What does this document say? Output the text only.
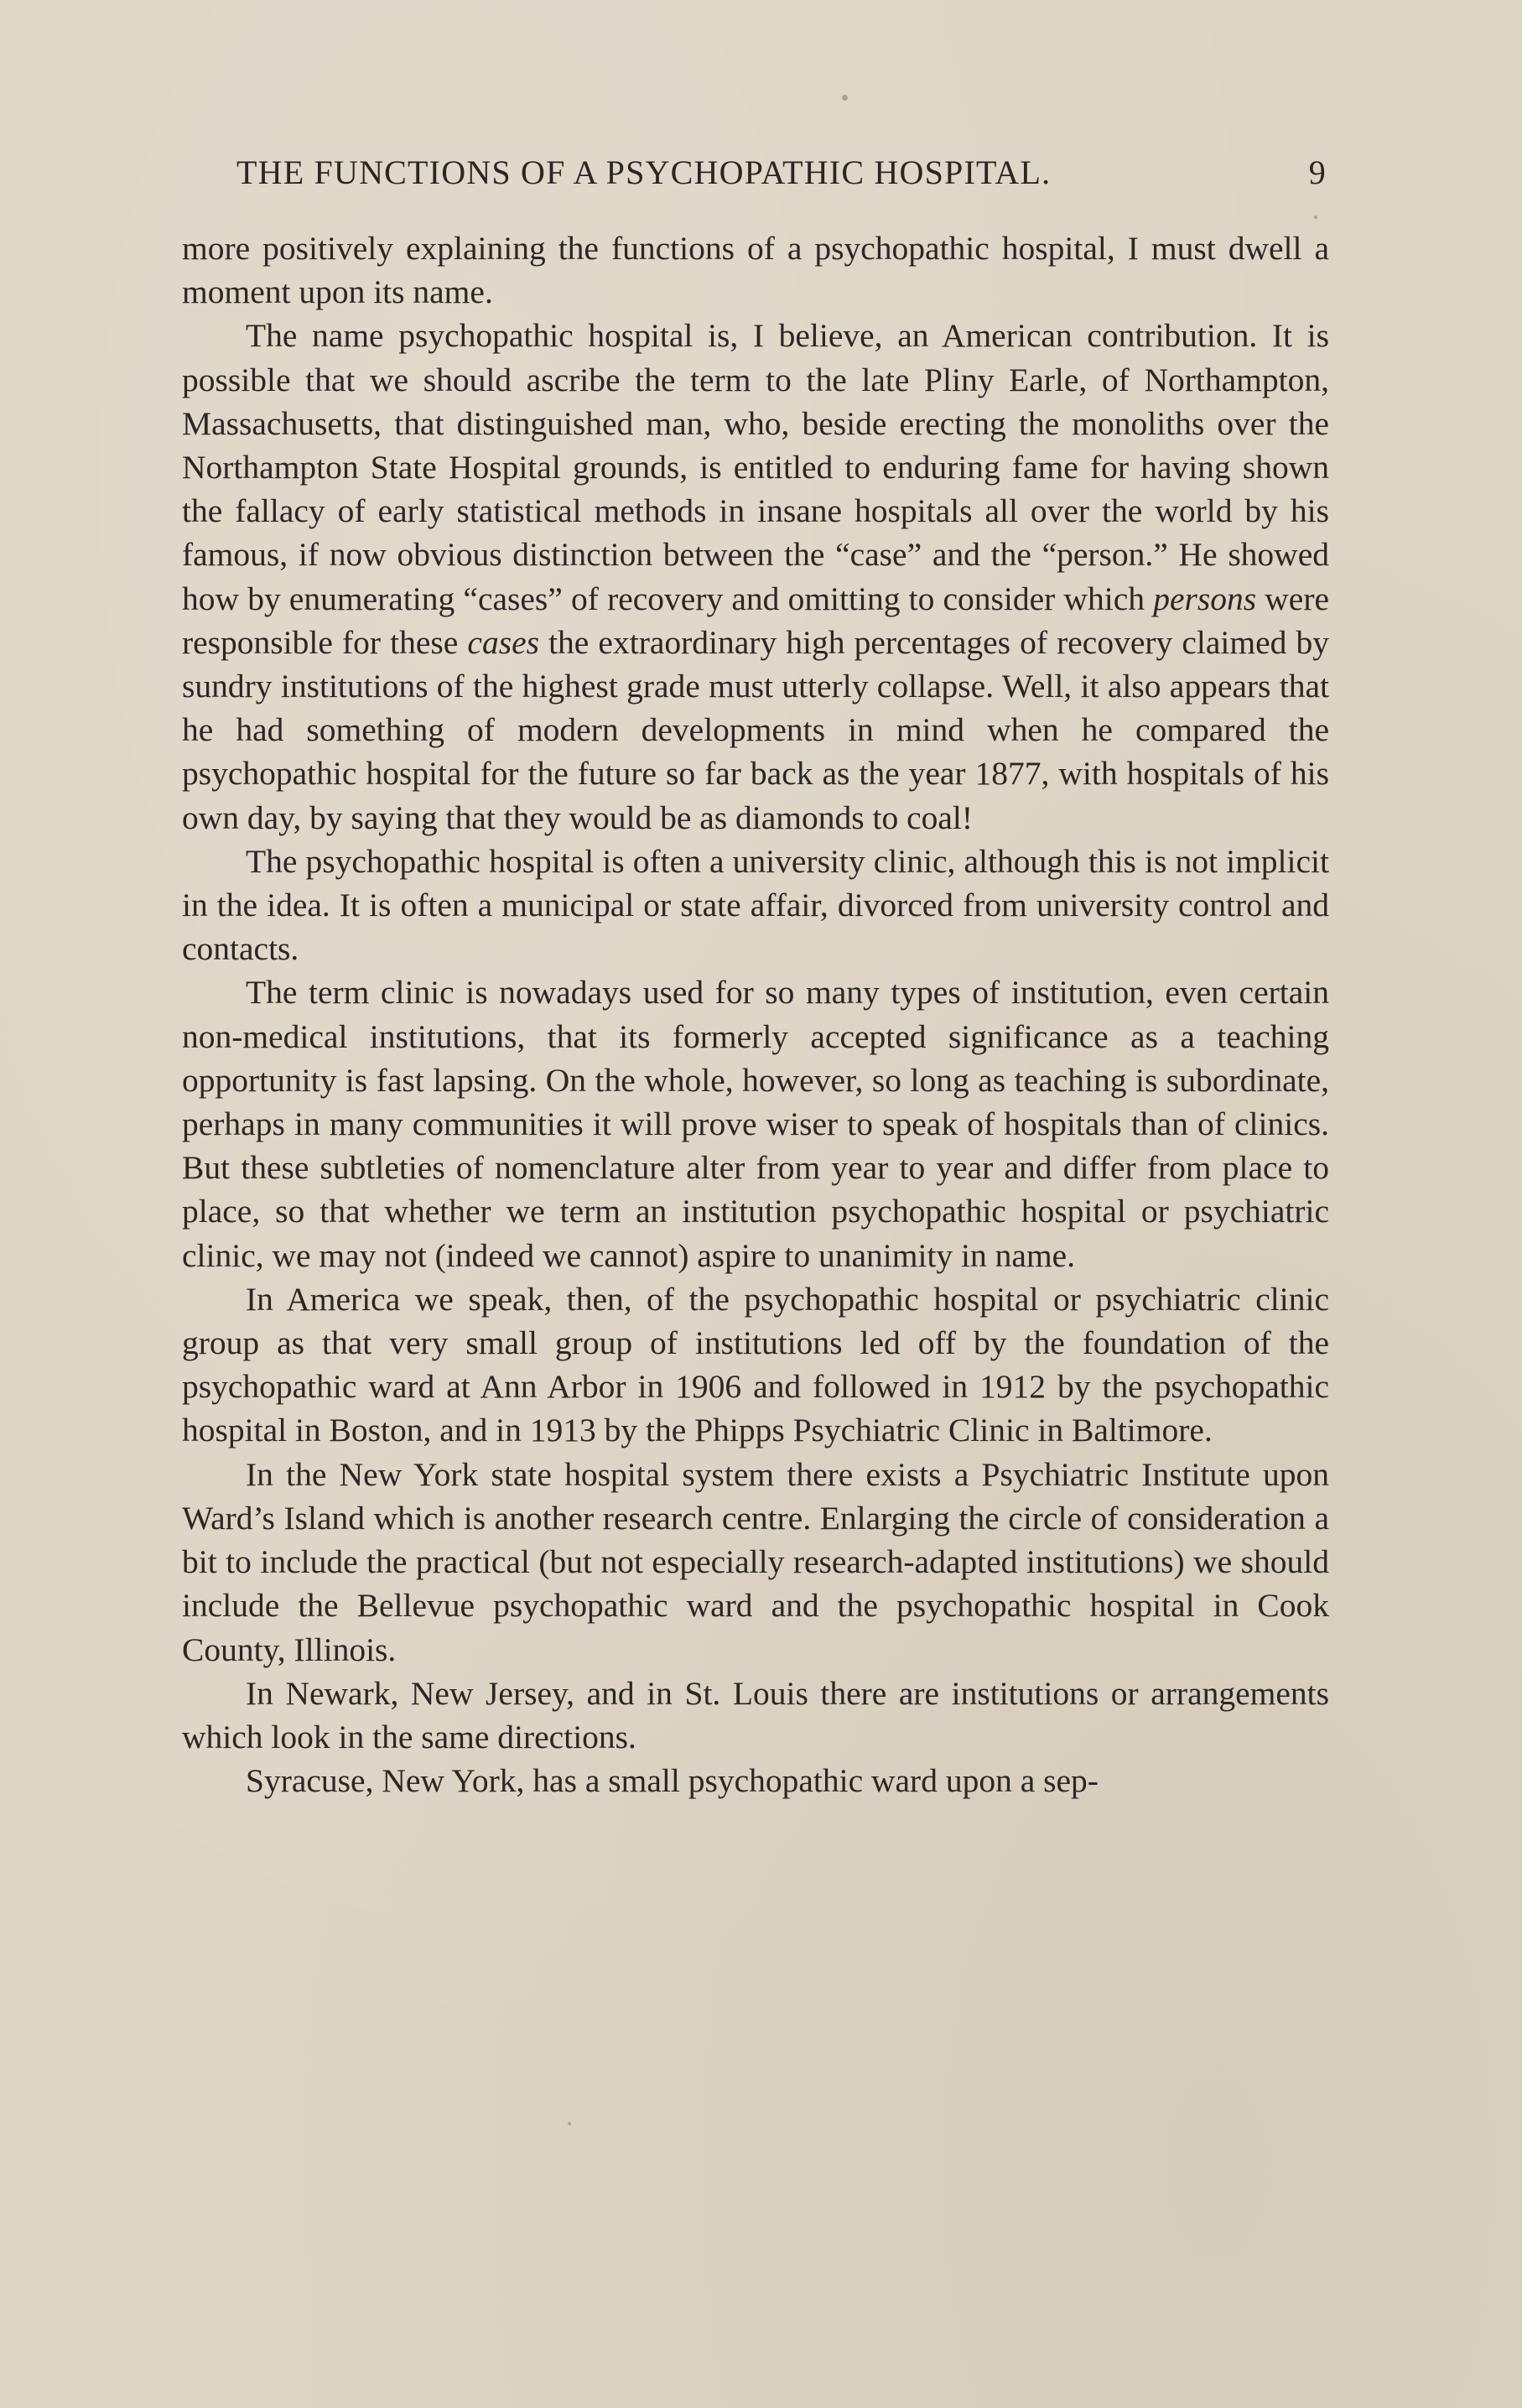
THE FUNCTIONS OF A PSYCHOPATHIC HOSPITAL.	9

more positively explaining the functions of a psychopathic hospital, I must dwell a moment upon its name.

The name psychopathic hospital is, I believe, an American contribution. It is possible that we should ascribe the term to the late Pliny Earle, of Northampton, Massachusetts, that distinguished man, who, beside erecting the monoliths over the Northampton State Hospital grounds, is entitled to enduring fame for having shown the fallacy of early statistical methods in insane hospitals all over the world by his famous, if now obvious distinction between the “case” and the “person.” He showed how by enumerating “cases” of recovery and omitting to consider which persons were responsible for these cases the extraordinary high percentages of recovery claimed by sundry institutions of the highest grade must utterly collapse. Well, it also appears that he had something of modern developments in mind when he compared the psychopathic hospital for the future so far back as the year 1877, with hospitals of his own day, by saying that they would be as diamonds to coal!

The psychopathic hospital is often a university clinic, although this is not implicit in the idea. It is often a municipal or state affair, divorced from university control and contacts.

The term clinic is nowadays used for so many types of institution, even certain non-medical institutions, that its formerly accepted significance as a teaching opportunity is fast lapsing. On the whole, however, so long as teaching is subordinate, perhaps in many communities it will prove wiser to speak of hospitals than of clinics. But these subtleties of nomenclature alter from year to year and differ from place to place, so that whether we term an institution psychopathic hospital or psychiatric clinic, we may not (indeed we cannot) aspire to unanimity in name.

In America we speak, then, of the psychopathic hospital or psychiatric clinic group as that very small group of institutions led off by the foundation of the psychopathic ward at Ann Arbor in 1906 and followed in 1912 by the psychopathic hospital in Boston, and in 1913 by the Phipps Psychiatric Clinic in Baltimore.

In the New York state hospital system there exists a Psychiatric Institute upon Ward’s Island which is another research centre. Enlarging the circle of consideration a bit to include the practical (but not especially research-adapted institutions) we should include the Bellevue psychopathic ward and the psychopathic hospital in Cook County, Illinois.

In Newark, New Jersey, and in St. Louis there are institutions or arrangements which look in the same directions.

Syracuse, New York, has a small psychopathic ward upon a sep-
